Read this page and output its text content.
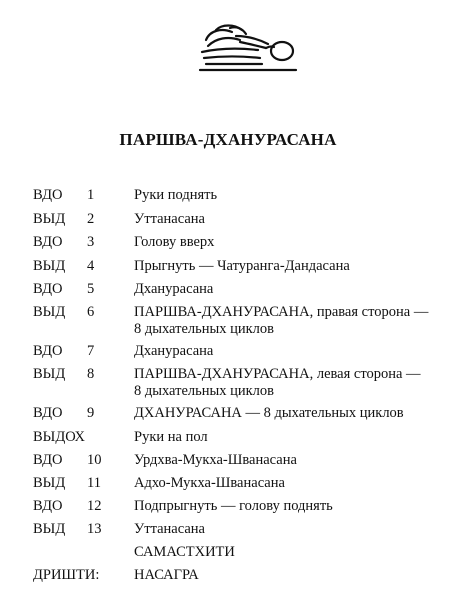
ПАРШВА-ДХАНУРАСАНА
ВДО 1	Руки поднять
ВЫД 2	Уттанасана
ВДО 3	Голову вверх
ВЫД 4	Прыгнуть — Чатуранга-Дандасана
ВДО 5	Дханурасана
ВЫД 6	ПАРШВА-ДХАНУРАСАНА, правая сторона —
8 дыхательных циклов
ВДО 7	Дханурасана
ВЫД 8	ПАРШВА-ДХАНУРАСАНА, левая сторона —
8 дыхательных циклов
ВДО 9	ДХАНУРАСАНА — 8 дыхательных циклов
ВЫДОХ	Руки на пол
ВДО 10 Урдхва-Мукха-Шванасана
ВЫД 11 Адхо-Мукха-Шванасана
ВДО 12 Подпрыгнуть — голову поднять
ВЫД 13 Уттанасана
САМАСТХИТИ
ДРИШТИ: НАСАГРА
